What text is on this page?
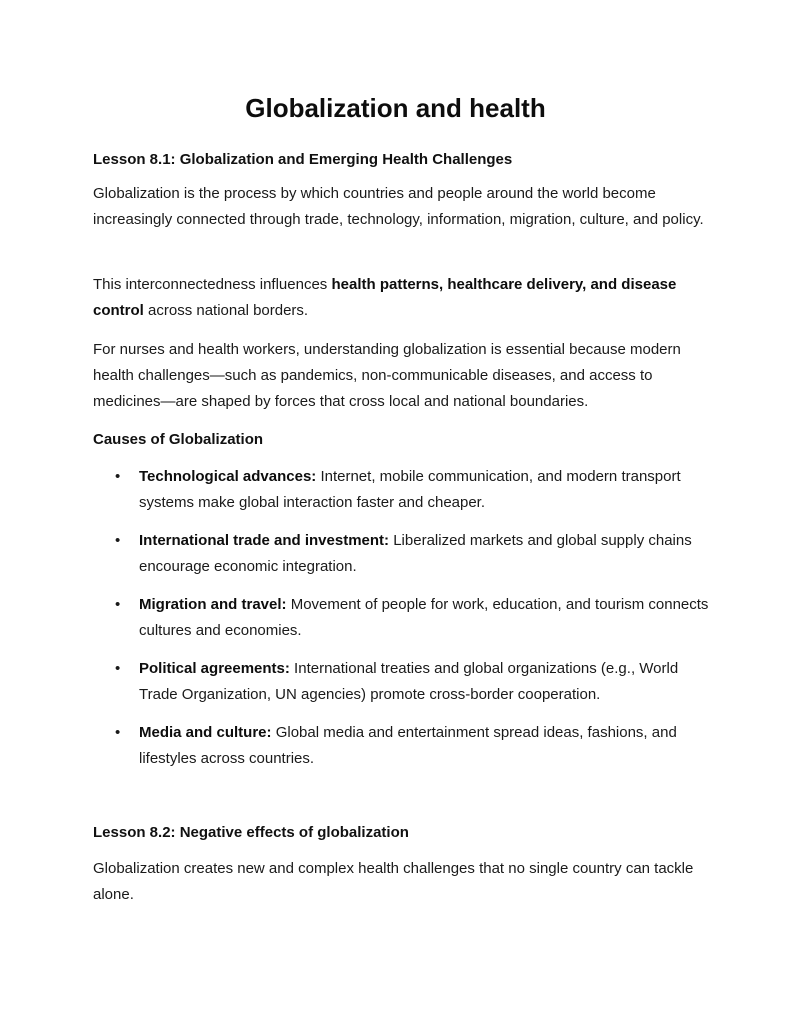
Globalization and health
Lesson 8.1: Globalization and Emerging Health Challenges
Globalization is the process by which countries and people around the world become increasingly connected through trade, technology, information, migration, culture, and policy.
This interconnectedness influences health patterns, healthcare delivery, and disease control across national borders.
For nurses and health workers, understanding globalization is essential because modern health challenges—such as pandemics, non-communicable diseases, and access to medicines—are shaped by forces that cross local and national boundaries.
Causes of Globalization
•	Technological advances: Internet, mobile communication, and modern transport systems make global interaction faster and cheaper.
•	International trade and investment: Liberalized markets and global supply chains encourage economic integration.
•	Migration and travel: Movement of people for work, education, and tourism connects cultures and economies.
•	Political agreements: International treaties and global organizations (e.g., World Trade Organization, UN agencies) promote cross-border cooperation.
•	Media and culture: Global media and entertainment spread ideas, fashions, and lifestyles across countries.
Lesson 8.2: Negative effects of globalization
Globalization creates new and complex health challenges that no single country can tackle alone.
